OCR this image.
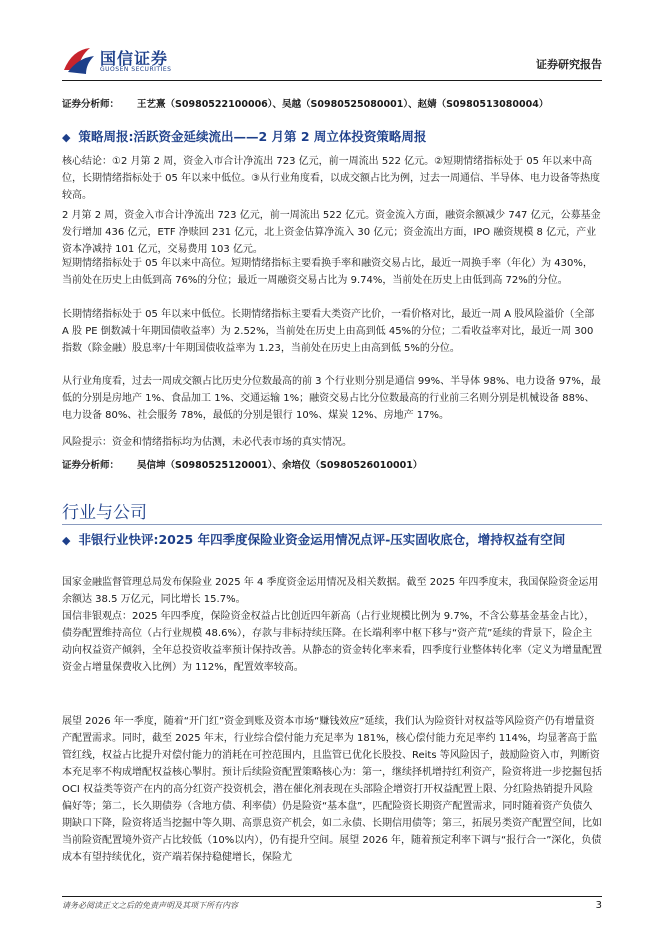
国信证券
GUOSEN SECURITIES	证券研究报告
证券分析师： 王艺熹（S0980522100006）、吴越（S0980525080001）、赵婧（S0980513080004）
◆ 策略周报:活跃资金延续流出——2 月第 2 周立体投资策略周报

核心结论：①2 月第 2 周，资金入市合计净流出 723 亿元，前一周流出 522 亿元。②短期情绪指标处于 05 年以来中高位，长期情绪指标处于 05 年以来中低位。③从行业角度看，以成交额占比为例，过去一周通信、半导体、电力设备等热度较高。

2 月第 2 周，资金入市合计净流出 723 亿元，前一周流出 522 亿元。资金流入方面，融资余额减少 747 亿元，公募基金发行增加 436 亿元，ETF 净赎回 231 亿元，北上资金估算净流入 30 亿元；资金流出方面，IPO 融资规模 8 亿元，产业资本净减持 101 亿元，交易费用 103 亿元。

短期情绪指标处于 05 年以来中高位。短期情绪指标主要看换手率和融资交易占比，最近一周换手率（年化）为 430%，当前处在历史上由低到高 76%的分位；最近一周融资交易占比为 9.74%，当前处在历史上由低到高 72%的分位。

长期情绪指标处于 05 年以来中低位。长期情绪指标主要看大类资产比价，一看价格对比，最近一周 A 股风险溢价（全部 A 股 PE 倒数减十年期国债收益率）为 2.52%，当前处在历史上由高到低 45%的分位；二看收益率对比，最近一周 300 指数（除金融）股息率/十年期国债收益率为 1.23，当前处在历史上由高到低 5%的分位。

从行业角度看，过去一周成交额占比历史分位数最高的前 3 个行业则分别是通信 99%、半导体 98%、电力设备 97%，最低的分别是房地产 1%、食品加工 1%、交通运输 1%；融资交易占比分位数最高的行业前三名则分别是机械设备 88%、电力设备 80%、社会服务 78%，最低的分别是银行 10%、煤炭 12%、房地产 17%。

风险提示：资金和情绪指标均为估测，未必代表市场的真实情况。

证券分析师： 吴信坤（S0980525120001）、余培仪（S0980526010001）
行业与公司
◆ 非银行业快评:2025 年四季度保险业资金运用情况点评-压实固收底仓，增持权益有空间

国家金融监督管理总局发布保险业 2025 年 4 季度资金运用情况及相关数据。截至 2025 年四季度末，我国保险资金运用余额达 38.5 万亿元，同比增长 15.7%。

国信非银观点：2025 年四季度，保险资金权益占比创近四年新高（占行业规模比例为 9.7%，不含公募基金基金占比），债券配置维持高位（占行业规模 48.6%），存款与非标持续压降。在长端利率中枢下移与“资产荒”延续的背景下，险企主动向权益资产倾斜，全年总投资收益率预计保持改善。从静态的资金转化率来看，四季度行业整体转化率（定义为增量配置资金占增量保费收入比例）为 112%，配置效率较高。

展望 2026 年一季度，随着“开门红”资金到账及资本市场“赚钱效应”延续，我们认为险资针对权益等风险资产仍有增量资产配置需求。同时，截至 2025 年末，行业综合偿付能力充足率为 181%，核心偿付能力充足率约 114%，均显著高于监管红线，权益占比提升对偿付能力的消耗在可控范围内，且监管已优化长股投、Reits 等风险因子，鼓励险资入市，判断资本充足率不构成增配权益核心掣肘。预计后续险资配置策略核心为：第一，继续择机增持红利资产，险资将进一步挖掘包括 OCI 权益类等资产在内的高分红资产投资机会，潜在催化剂表现在头部险企增资打开权益配置上限、分红险热销提升风险偏好等；第二，长久期债券（含地方债、利率债）仍是险资“基本盘”，匹配险资长期资产配置需求，同时随着资产负债久期缺口下降，险资将适当挖掘中等久期、高票息资产机会，如二永债、长期信用债等；第三，拓展另类资产配置空间，比如当前险资配置境外资产占比较低（10%以内），仍有提升空间。展望 2026 年，随着预定利率下调与“报行合一”深化，负债成本有望持续优化，资产端若保持稳健增长，保险尤

请务必阅读正文之后的免责声明及其项下所有内容	3
